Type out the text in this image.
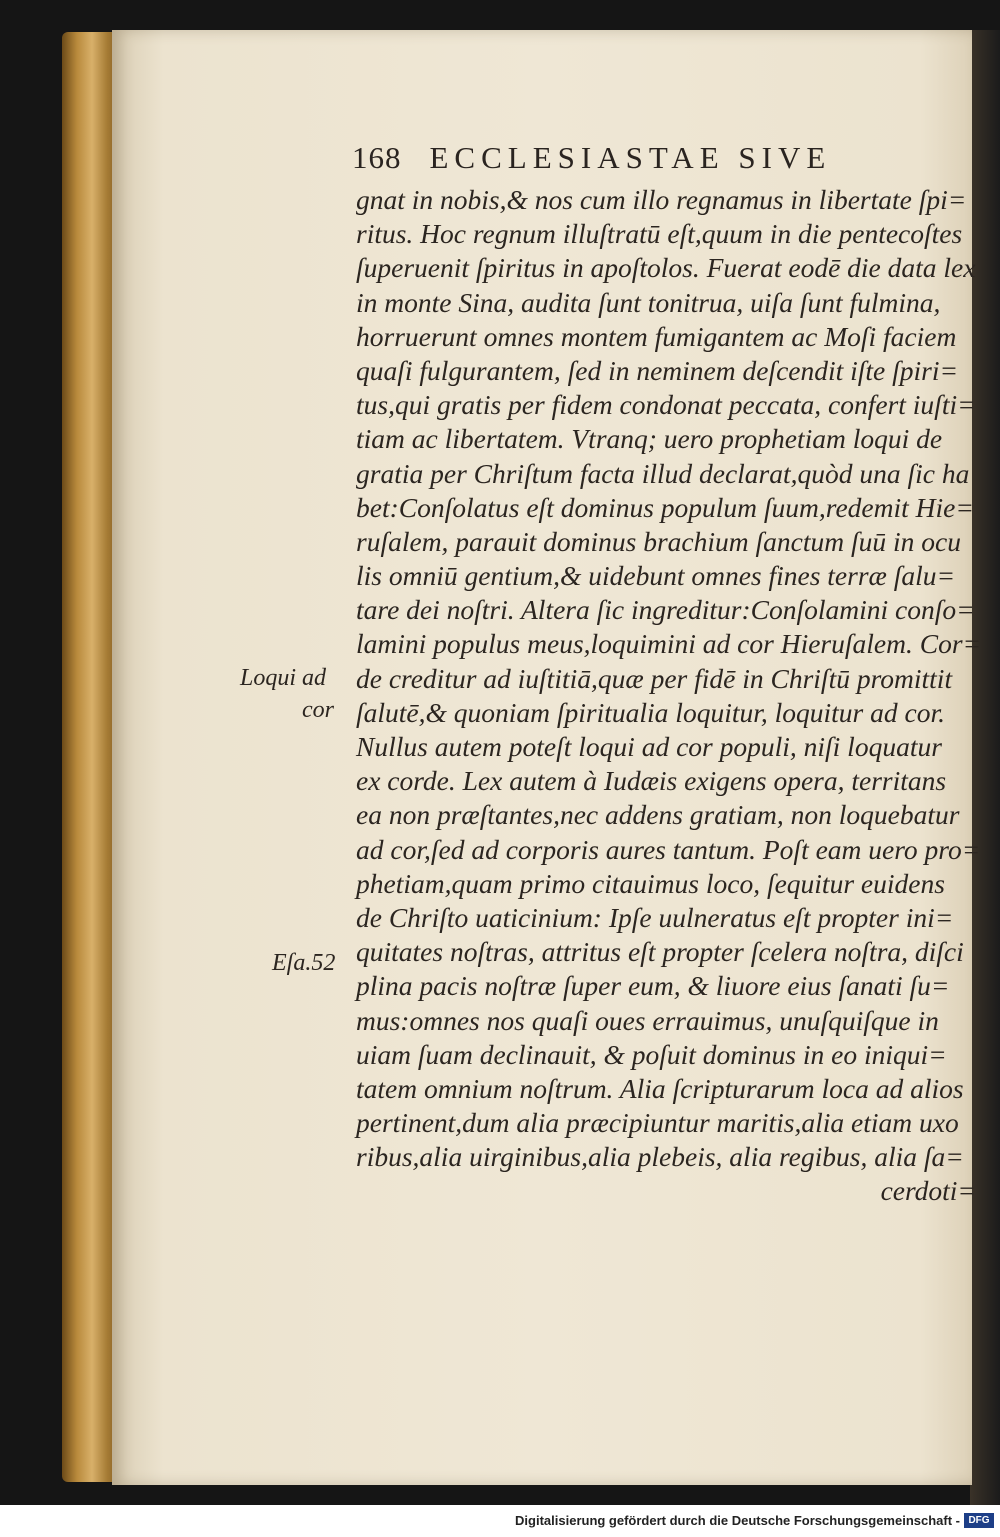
168 ECCLESIASTAE SIVE
gnat in nobis,& nos cum illo regnamus in libertate ſpi=
ritus. Hoc regnum illuſtratū eſt,quum in die pentecoſtes
ſuperuenit ſpiritus in apoſtolos. Fuerat eodē die data lex
in monte Sina, audita ſunt tonitrua, uiſa ſunt fulmina,
horruerunt omnes montem fumigantem ac Moſi faciem
quaſi fulgurantem, ſed in neminem deſcendit iſte ſpiri=
tus,qui gratis per fidem condonat peccata, confert iuſti=
tiam ac libertatem. Vtranq; uero prophetiam loqui de
gratia per Chriſtum facta illud declarat,quòd una ſic ha
bet:Conſolatus eſt dominus populum ſuum,redemit Hie=
ruſalem, parauit dominus brachium ſanctum ſuū in ocu
lis omniū gentium,& uidebunt omnes fines terræ ſalu=
tare dei noſtri. Altera ſic ingreditur:Conſolamini conſo=
lamini populus meus,loquimini ad cor Hieruſalem. Cor=
de creditur ad iuſtitiā,quæ per fidē in Chriſtū promittit
ſalutē,& quoniam ſpiritualia loquitur, loquitur ad cor.
Nullus autem poteſt loqui ad cor populi, niſi loquatur
ex corde. Lex autem à Iudæis exigens opera, territans
ea non præſtantes,nec addens gratiam, non loquebatur
ad cor,ſed ad corporis aures tantum. Poſt eam uero pro=
phetiam,quam primo citauimus loco, ſequitur euidens
de Chriſto uaticinium: Ipſe uulneratus eſt propter ini=
quitates noſtras, attritus eſt propter ſcelera noſtra, diſci
plina pacis noſtræ ſuper eum, & liuore eius ſanati ſu=
mus:omnes nos quaſi oues errauimus, unuſquiſque in
uiam ſuam declinauit, & poſuit dominus in eo iniqui=
tatem omnium noſtrum. Alia ſcripturarum loca ad alios
pertinent,dum alia præcipiuntur maritis,alia etiam uxo
ribus,alia uirginibus,alia plebeis, alia regibus, alia ſa=
cerdoti=
Loqui ad
cor
Eſa.52
Digitalisierung gefördert durch die Deutsche Forschungsgemeinschaft - DFG
